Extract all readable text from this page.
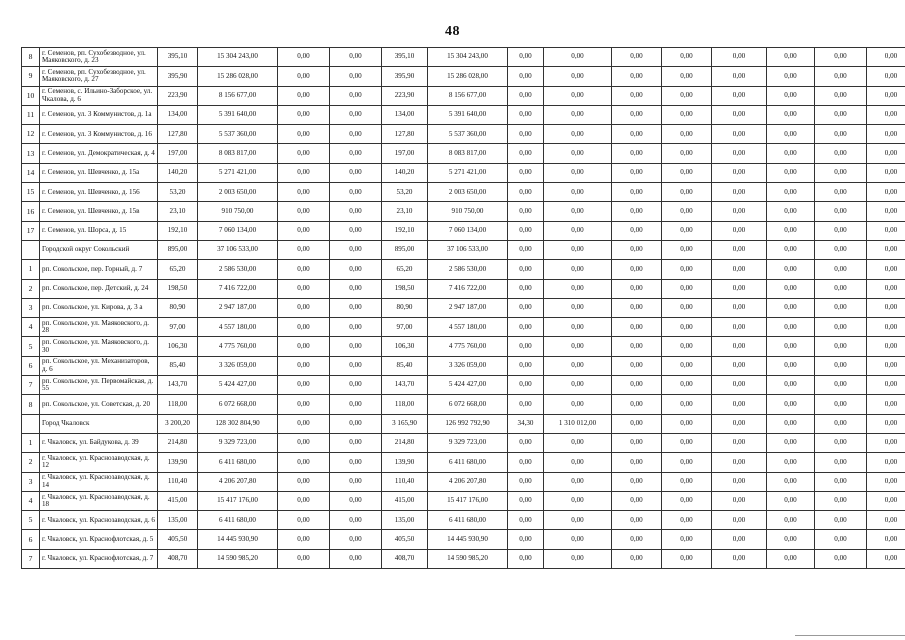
48
8	г. Семенов, рп. Сухобезводное, ул. Маяковского, д. 23	395,10	15 304 243,00	0,00	0,00	395,10	15 304 243,00	0,00	0,00	0,00	0,00	0,00	0,00	0,00	0,00
9	г. Семенов, рп. Сухобезводное, ул. Маяковского, д. 27	395,90	15 286 028,00	0,00	0,00	395,90	15 286 028,00	0,00	0,00	0,00	0,00	0,00	0,00	0,00	0,00
10	г. Семенов, с. Ильино-Заборское, ул. Чкалова, д. 6	223,90	8 156 677,00	0,00	0,00	223,90	8 156 677,00	0,00	0,00	0,00	0,00	0,00	0,00	0,00	0,00
11	г. Семенов, ул. 3 Коммунистов, д. 1а	134,00	5 391 640,00	0,00	0,00	134,00	5 391 640,00	0,00	0,00	0,00	0,00	0,00	0,00	0,00	0,00
12	г. Семенов, ул. 3 Коммунистов, д. 16	127,80	5 537 360,00	0,00	0,00	127,80	5 537 360,00	0,00	0,00	0,00	0,00	0,00	0,00	0,00	0,00
13	г. Семенов, ул. Демократическая, д. 4	197,00	8 083 817,00	0,00	0,00	197,00	8 083 817,00	0,00	0,00	0,00	0,00	0,00	0,00	0,00	0,00
14	г. Семенов, ул. Шевченко, д. 15а	140,20	5 271 421,00	0,00	0,00	140,20	5 271 421,00	0,00	0,00	0,00	0,00	0,00	0,00	0,00	0,00
15	г. Семенов, ул. Шевченко, д. 156	53,20	2 003 650,00	0,00	0,00	53,20	2 003 650,00	0,00	0,00	0,00	0,00	0,00	0,00	0,00	0,00
16	г. Семенов, ул. Шевченко, д. 15в	23,10	910 750,00	0,00	0,00	23,10	910 750,00	0,00	0,00	0,00	0,00	0,00	0,00	0,00	0,00
17	г. Семенов, ул. Шорса, д. 15	192,10	7 060 134,00	0,00	0,00	192,10	7 060 134,00	0,00	0,00	0,00	0,00	0,00	0,00	0,00	0,00
	Городской округ Сокольский	895,00	37 106 533,00	0,00	0,00	895,00	37 106 533,00	0,00	0,00	0,00	0,00	0,00	0,00	0,00	0,00
1	рп. Сокольское, пер. Горный, д. 7	65,20	2 586 530,00	0,00	0,00	65,20	2 586 530,00	0,00	0,00	0,00	0,00	0,00	0,00	0,00	0,00
2	рп. Сокольское, пер. Детский, д. 24	198,50	7 416 722,00	0,00	0,00	198,50	7 416 722,00	0,00	0,00	0,00	0,00	0,00	0,00	0,00	0,00
3	рп. Сокольское, ул. Кирова, д. 3 а	80,90	2 947 187,00	0,00	0,00	80,90	2 947 187,00	0,00	0,00	0,00	0,00	0,00	0,00	0,00	0,00
4	рп. Сокольское, ул. Маяковского, д. 28	97,00	4 557 180,00	0,00	0,00	97,00	4 557 180,00	0,00	0,00	0,00	0,00	0,00	0,00	0,00	0,00
5	рп. Сокольское, ул. Маяковского, д. 30	106,30	4 775 760,00	0,00	0,00	106,30	4 775 760,00	0,00	0,00	0,00	0,00	0,00	0,00	0,00	0,00
6	рп. Сокольское, ул. Механизаторов, д. 6	85,40	3 326 059,00	0,00	0,00	85,40	3 326 059,00	0,00	0,00	0,00	0,00	0,00	0,00	0,00	0,00
7	рп. Сокольское, ул. Первомайская, д. 55	143,70	5 424 427,00	0,00	0,00	143,70	5 424 427,00	0,00	0,00	0,00	0,00	0,00	0,00	0,00	0,00
8	рп. Сокольское, ул. Советская, д. 20	118,00	6 072 668,00	0,00	0,00	118,00	6 072 668,00	0,00	0,00	0,00	0,00	0,00	0,00	0,00	0,00
	Город Чкаловск	3 200,20	128 302 804,90	0,00	0,00	3 165,90	126 992 792,90	34,30	1 310 012,00	0,00	0,00	0,00	0,00	0,00	0,00
1	г. Чкаловск, ул. Байдукова, д. 39	214,80	9 329 723,00	0,00	0,00	214,80	9 329 723,00	0,00	0,00	0,00	0,00	0,00	0,00	0,00	0,00
2	г. Чкаловск, ул. Краснозаводская, д. 12	139,90	6 411 680,00	0,00	0,00	139,90	6 411 680,00	0,00	0,00	0,00	0,00	0,00	0,00	0,00	0,00
3	г. Чкаловск, ул. Краснозаводская, д. 14	110,40	4 206 207,80	0,00	0,00	110,40	4 206 207,80	0,00	0,00	0,00	0,00	0,00	0,00	0,00	0,00
4	г. Чкаловск, ул. Краснозаводская, д. 18	415,00	15 417 176,00	0,00	0,00	415,00	15 417 176,00	0,00	0,00	0,00	0,00	0,00	0,00	0,00	0,00
5	г. Чкаловск, ул. Краснозаводская, д. 6	135,00	6 411 680,00	0,00	0,00	135,00	6 411 680,00	0,00	0,00	0,00	0,00	0,00	0,00	0,00	0,00
6	г. Чкаловск, ул. Краснофлотская, д. 5	405,50	14 445 930,90	0,00	0,00	405,50	14 445 930,90	0,00	0,00	0,00	0,00	0,00	0,00	0,00	0,00
7	г. Чкаловск, ул. Краснофлотская, д. 7	408,70	14 590 985,20	0,00	0,00	408,70	14 590 985,20	0,00	0,00	0,00	0,00	0,00	0,00	0,00	0,00
